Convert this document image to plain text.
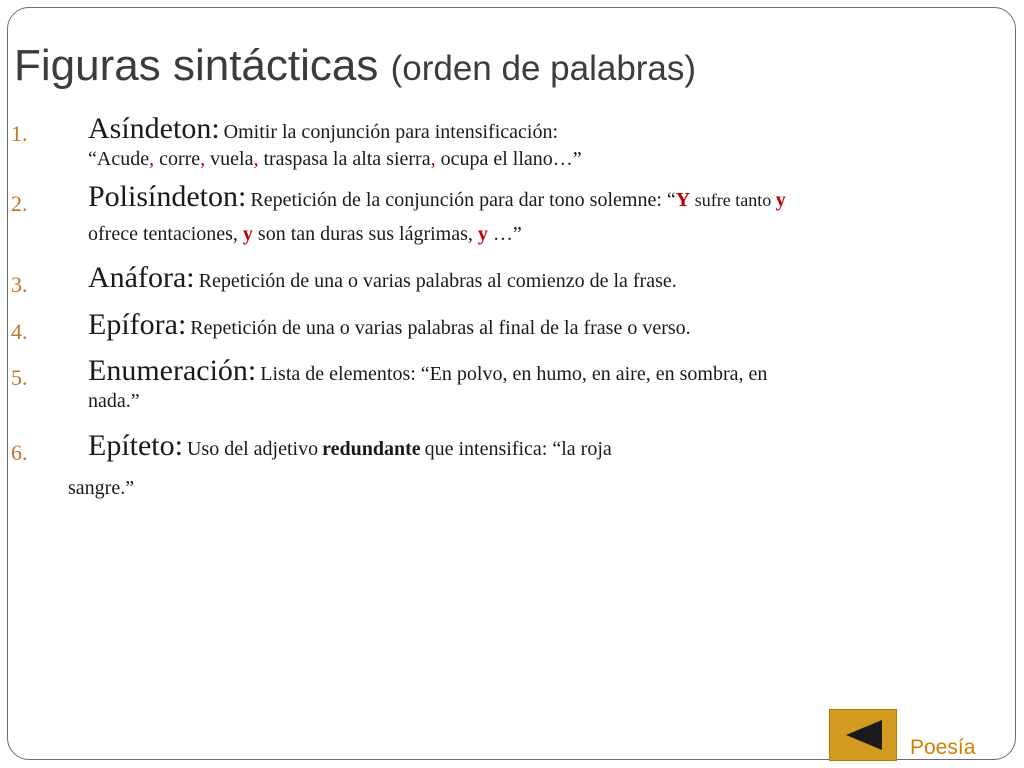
Figuras sintácticas (orden de palabras)
1. Asíndeton: Omitir la conjunción para intensificación:
“Acude, corre, vuela, traspasa la alta sierra, ocupa el llano…”
2. Polisíndeton: Repetición de la conjunción para dar tono solemne: “Y sufre tanto y
ofrece tentaciones, y son tan duras sus lágrimas, y …”
3. Anáfora: Repetición de una o varias palabras al comienzo de la frase.
4. Epífora: Repetición de una o varias palabras al final de la frase o verso.
5. Enumeración: Lista de elementos: “En polvo, en humo, en aire, en sombra, en
nada.”
6. Epíteto: Uso del adjetivo redundante que intensifica: “la roja
sangre.”
Poesía
